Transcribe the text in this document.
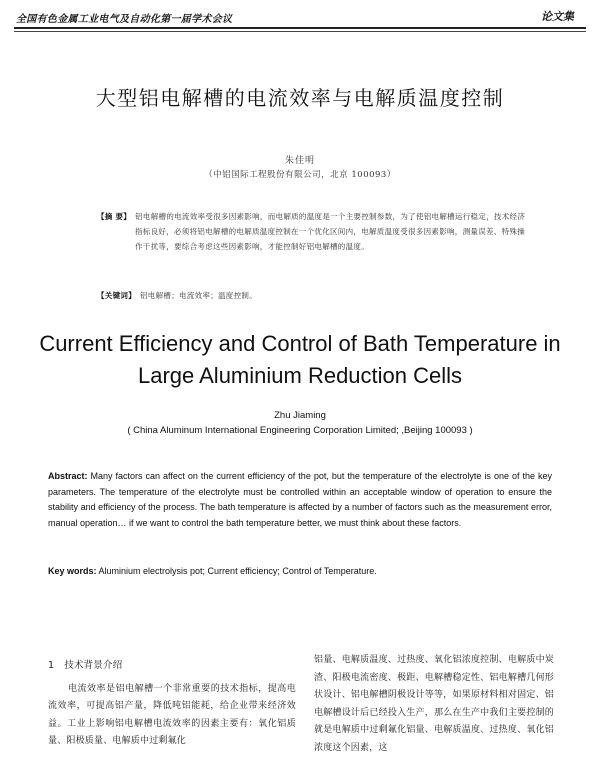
全国有色金属工业电气及自动化第一届学术会议	论文集
大型铝电解槽的电流效率与电解质温度控制
朱佳明
（中铝国际工程股份有限公司，北京 100093）
【摘 要】 铝电解槽的电流效率受很多因素影响，而电解质的温度是一个主要控制参数，为了使铝电解槽运行稳定，技术经济指标良好，必须将铝电解槽的电解质温度控制在一个优化区间内，电解质温度受很多因素影响，测量误差、特殊操作干扰等，要综合考虑这些因素影响，才能控制好铝电解槽的温度。
【关键词】 铝电解槽；电流效率；温度控制。
Current Efficiency and Control of Bath Temperature in
Large Aluminium Reduction Cells
Zhu Jiaming
( China Aluminum International Engineering Corporation Limited; ,Beijing 100093 )
Abstract: Many factors can affect on the current efficiency of the pot, but the temperature of the electrolyte is one of the key parameters. The temperature of the electrolyte must be controlled within an acceptable window of operation to ensure the stability and efficiency of the process. The bath temperature is affected by a number of factors such as the measurement error, manual operation… if we want to control the bath temperature better, we must think about these factors.
Key words: Aluminium electrolysis pot; Current efficiency; Control of Temperature.
1 技术背景介绍
电流效率是铝电解槽一个非常重要的技术指标，提高电流效率，可提高铝产量，降低吨铝能耗，给企业带来经济效益。工业上影响铝电解槽电流效率的因素主要有：氧化铝质量、阳极质量、电解质中过剩氟化
铝量、电解质温度、过热度、氧化铝浓度控制、电解质中炭渣、阳极电流密度、极距、电解槽稳定性、铝电解槽几何形状设计、铝电解槽阴极设计等等，如果原材料相对固定、铝电解槽设计后已经投入生产，那么在生产中我们主要控制的就是电解质中过剩氟化铝量、电解质温度、过热度、氧化铝浓度这个因素，这
